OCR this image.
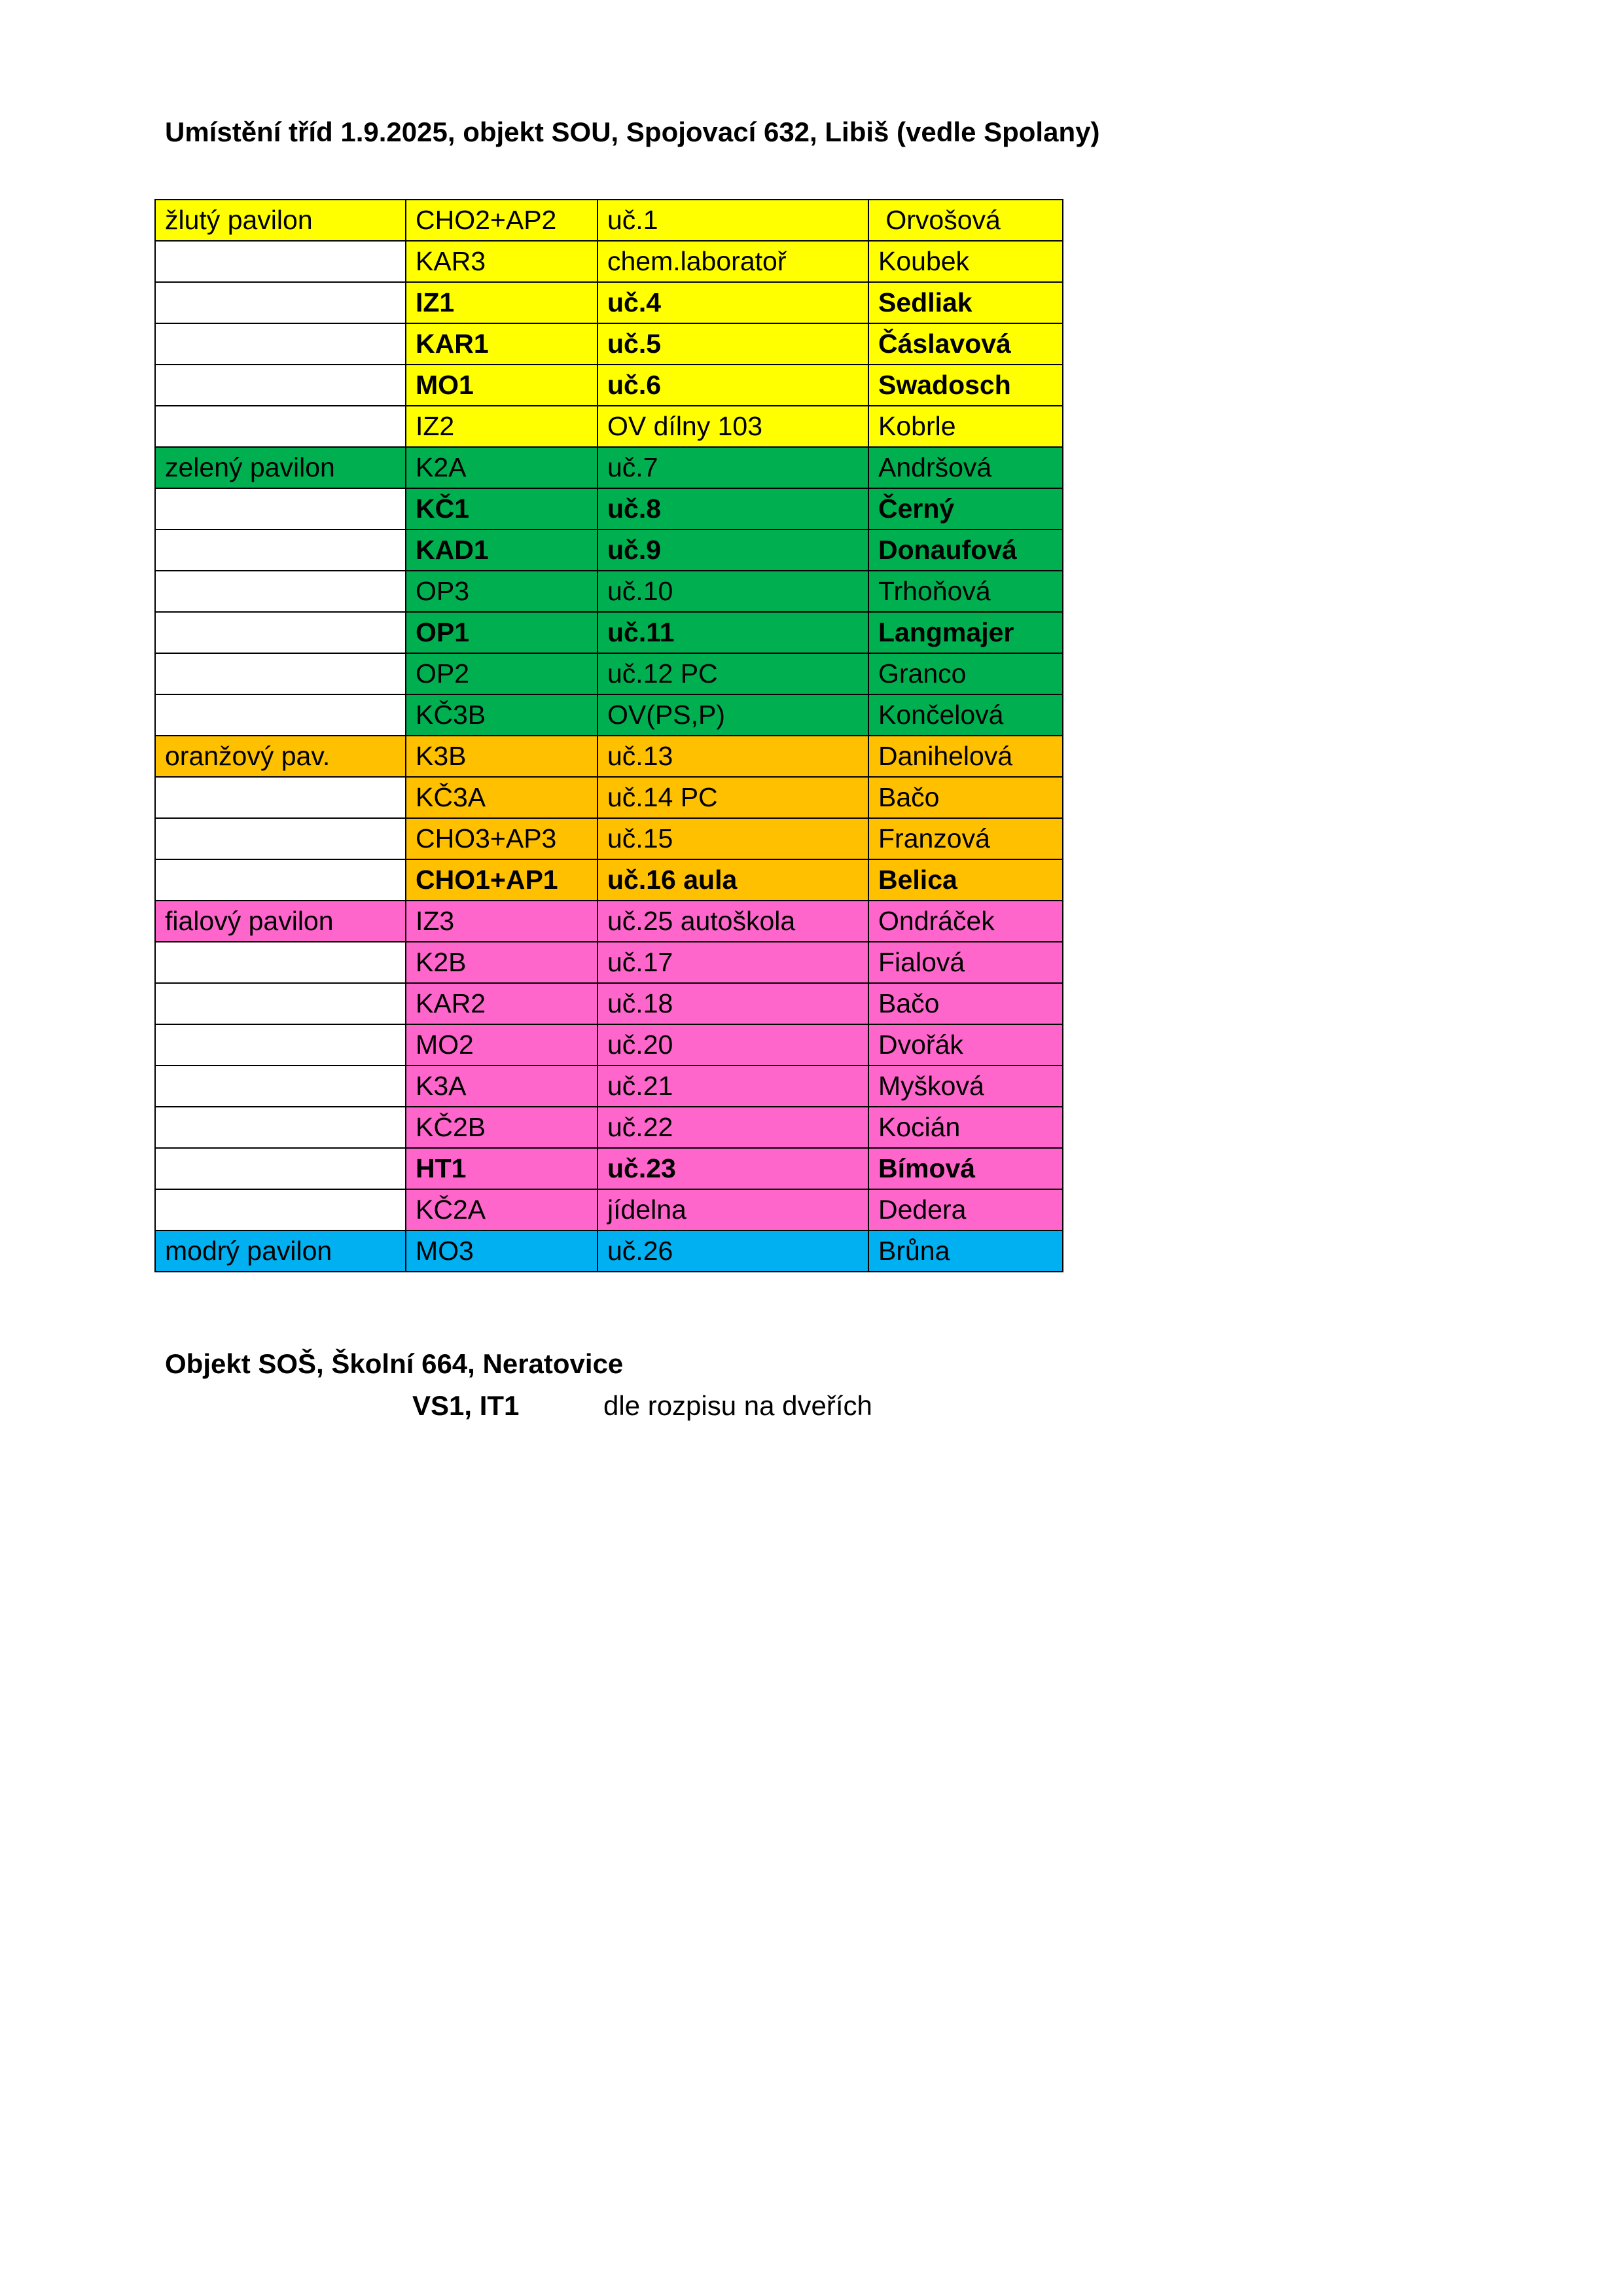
Umístění tříd 1.9.2025, objekt SOU, Spojovací 632, Libiš (vedle Spolany)
žlutý pavilon	CHO2+AP2	uč.1	Orvošová
	KAR3	chem.laboratoř	Koubek
	IZ1	uč.4	Sedliak
	KAR1	uč.5	Čáslavová
	MO1	uč.6	Swadosch
	IZ2	OV dílny 103	Kobrle
zelený pavilon	K2A	uč.7	Andršová
	KČ1	uč.8	Černý
	KAD1	uč.9	Donaufová
	OP3	uč.10	Trhoňová
	OP1	uč.11	Langmajer
	OP2	uč.12 PC	Granco
	KČ3B	OV(PS,P)	Končelová
oranžový pav.	K3B	uč.13	Danihelová
	KČ3A	uč.14 PC	Bačo
	CHO3+AP3	uč.15	Franzová
	CHO1+AP1	uč.16 aula	Belica
fialový pavilon	IZ3	uč.25 autoškola	Ondráček
	K2B	uč.17	Fialová
	KAR2	uč.18	Bačo
	MO2	uč.20	Dvořák
	K3A	uč.21	Myšková
	KČ2B	uč.22	Kocián
	HT1	uč.23	Bímová
	KČ2A	jídelna	Dedera
modrý pavilon	MO3	uč.26	Brůna
Objekt SOŠ, Školní 664, Neratovice
VS1, IT1	dle rozpisu na dveřích
